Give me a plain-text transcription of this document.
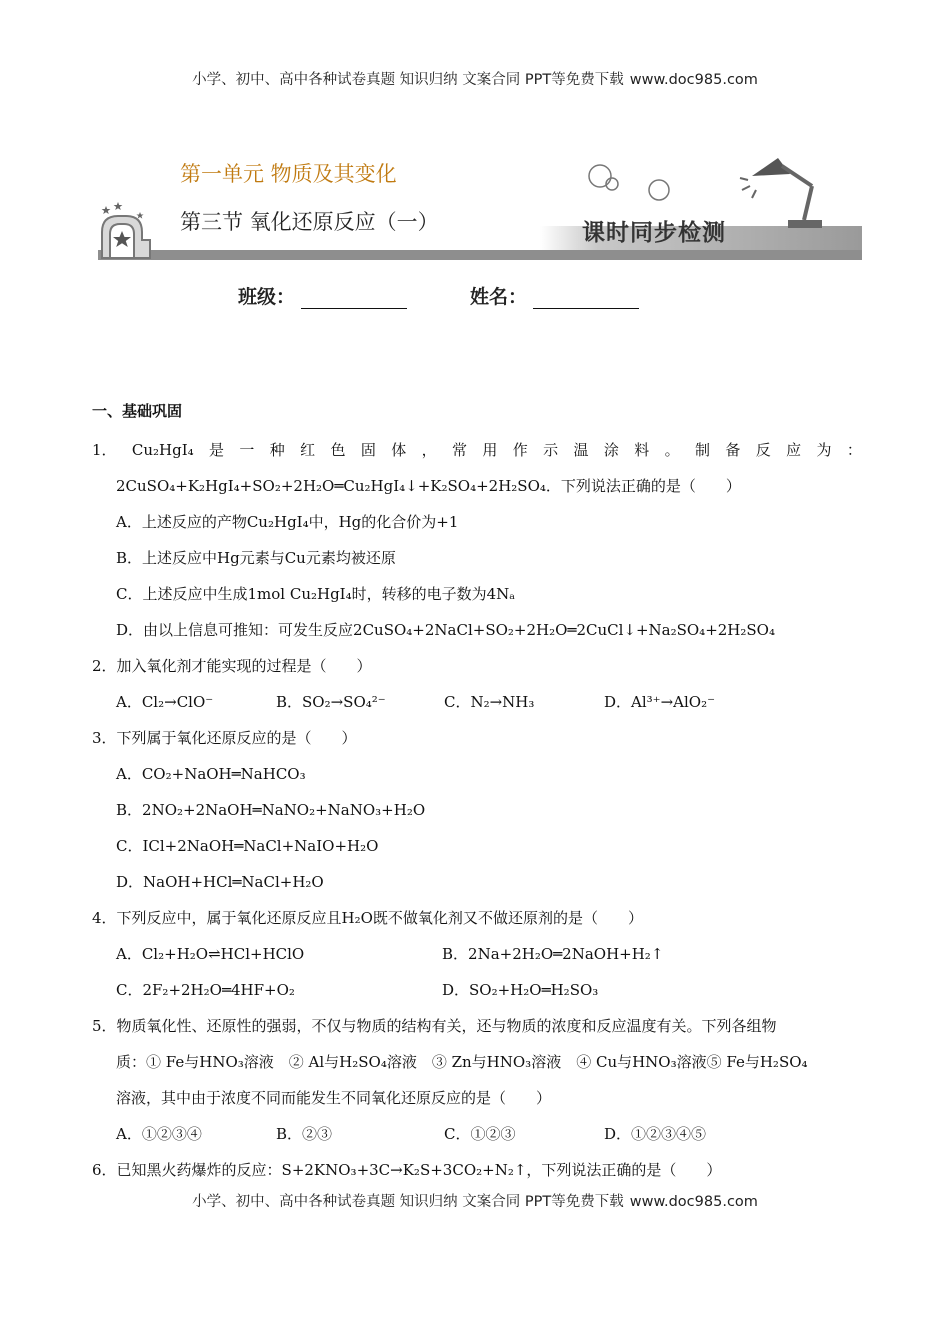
小学、初中、高中各种试卷真题 知识归纳 文案合同 PPT等免费下载 www.doc985.com
第一单元 物质及其变化
第三节 氧化还原反应（一）	课时同步检测
班级：	姓名：
一、基础巩固
1． Cu₂HgI₄ 是 一 种 红 色 固 体 ， 常 用 作 示 温 涂 料 。 制 备 反 应 为 ：
2CuSO₄+K₂HgI₄+SO₂+2H₂O═Cu₂HgI₄↓+K₂SO₄+2H₂SO₄．下列说法正确的是（　　）
A．上述反应的产物Cu₂HgI₄中，Hg的化合价为+1
B．上述反应中Hg元素与Cu元素均被还原
C．上述反应中生成1mol Cu₂HgI₄时，转移的电子数为4Nₐ
D．由以上信息可推知：可发生反应2CuSO₄+2NaCl+SO₂+2H₂O═2CuCl↓+Na₂SO₄+2H₂SO₄
2．加入氧化剂才能实现的过程是（　　）
A．Cl₂→ClO⁻	B．SO₂→SO₄²⁻	C．N₂→NH₃	D．Al³⁺→AlO₂⁻
3．下列属于氧化还原反应的是（　　）
A．CO₂+NaOH═NaHCO₃
B．2NO₂+2NaOH═NaNO₂+NaNO₃+H₂O
C．ICl+2NaOH═NaCl+NaIO+H₂O
D．NaOH+HCl═NaCl+H₂O
4．下列反应中，属于氧化还原反应且H₂O既不做氧化剂又不做还原剂的是（　　）
A．Cl₂+H₂O⇌HCl+HClO	B．2Na+2H₂O═2NaOH+H₂↑
C．2F₂+2H₂O═4HF+O₂	D．SO₂+H₂O═H₂SO₃
5．物质氧化性、还原性的强弱，不仅与物质的结构有关，还与物质的浓度和反应温度有关。下列各组物
质：① Fe与HNO₃溶液　② Al与H₂SO₄溶液　③ Zn与HNO₃溶液　④ Cu与HNO₃溶液⑤ Fe与H₂SO₄
溶液，其中由于浓度不同而能发生不同氧化还原反应的是（　　）
A．①②③④	B．②③	C．①②③	D．①②③④⑤
6．已知黑火药爆炸的反应：S+2KNO₃+3C→K₂S+3CO₂+N₂↑，下列说法正确的是（　　）
小学、初中、高中各种试卷真题 知识归纳 文案合同 PPT等免费下载 www.doc985.com
